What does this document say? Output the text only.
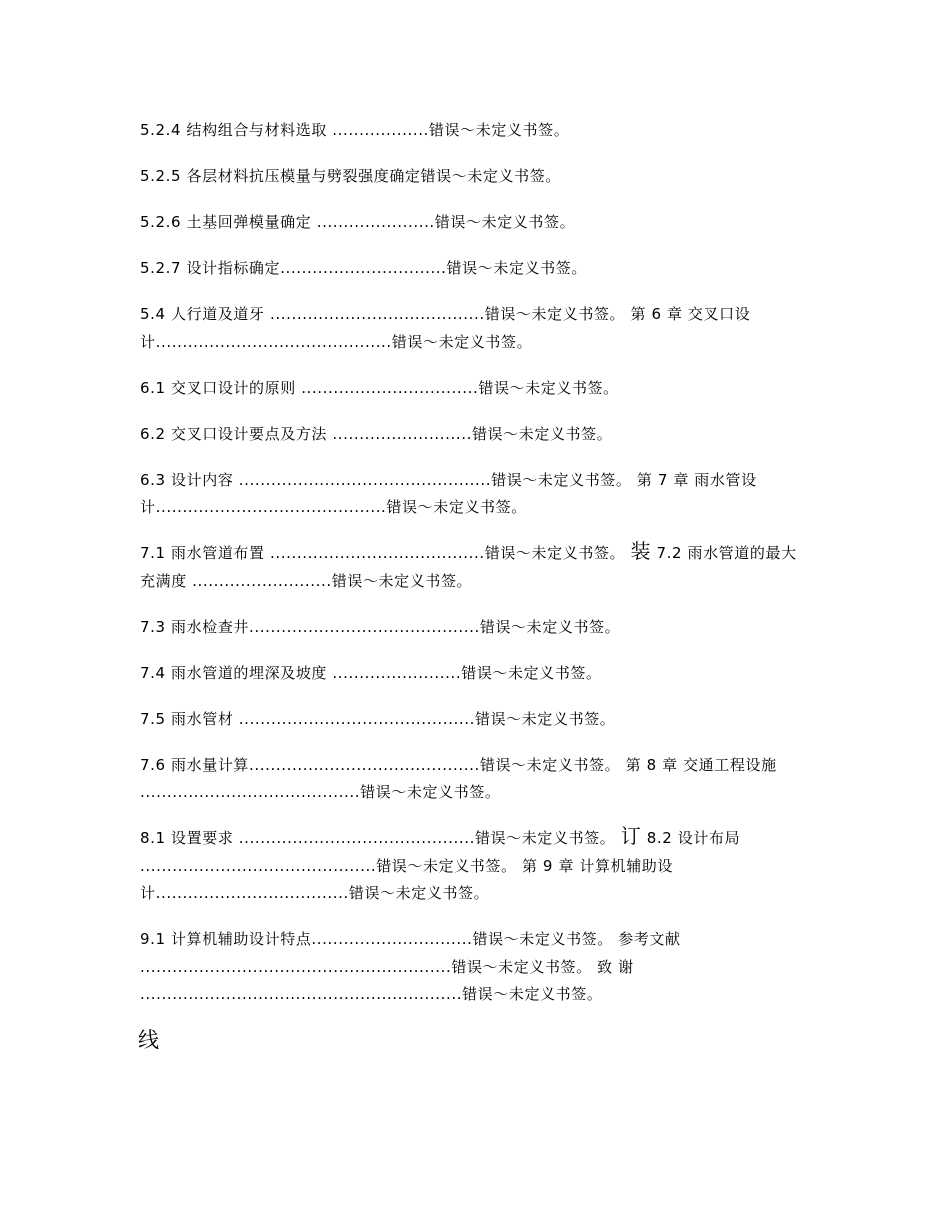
5.2.4 结构组合与材料选取 ..................错误～未定义书签。
5.2.5 各层材料抗压模量与劈裂强度确定错误～未定义书签。
5.2.6 土基回弹模量确定 ......................错误～未定义书签。
5.2.7 设计指标确定...............................错误～未定义书签。
5.4 人行道及道牙 ........................................错误～未定义书签。 第 6 章 交叉口设计............................................错误～未定义书签。
6.1 交叉口设计的原则 .................................错误～未定义书签。
6.2 交叉口设计要点及方法 ..........................错误～未定义书签。
6.3 设计内容 ...............................................错误～未定义书签。 第 7 章 雨水管设计...........................................错误～未定义书签。
7.1 雨水管道布置 ........................................错误～未定义书签。 装 7.2 雨水管道的最大充满度 ..........................错误～未定义书签。
7.3 雨水检查井...........................................错误～未定义书签。
7.4 雨水管道的埋深及坡度 ........................错误～未定义书签。
7.5 雨水管材 ............................................错误～未定义书签。
7.6 雨水量计算...........................................错误～未定义书签。 第 8 章 交通工程设施 .........................................错误～未定义书签。
8.1 设置要求 ............................................错误～未定义书签。 订 8.2 设计布局 ............................................错误～未定义书签。 第 9 章 计算机辅助设计....................................错误～未定义书签。
9.1 计算机辅助设计特点..............................错误～未定义书签。 参考文献 ..........................................................错误～未定义书签。 致 谢 ............................................................错误～未定义书签。
线
